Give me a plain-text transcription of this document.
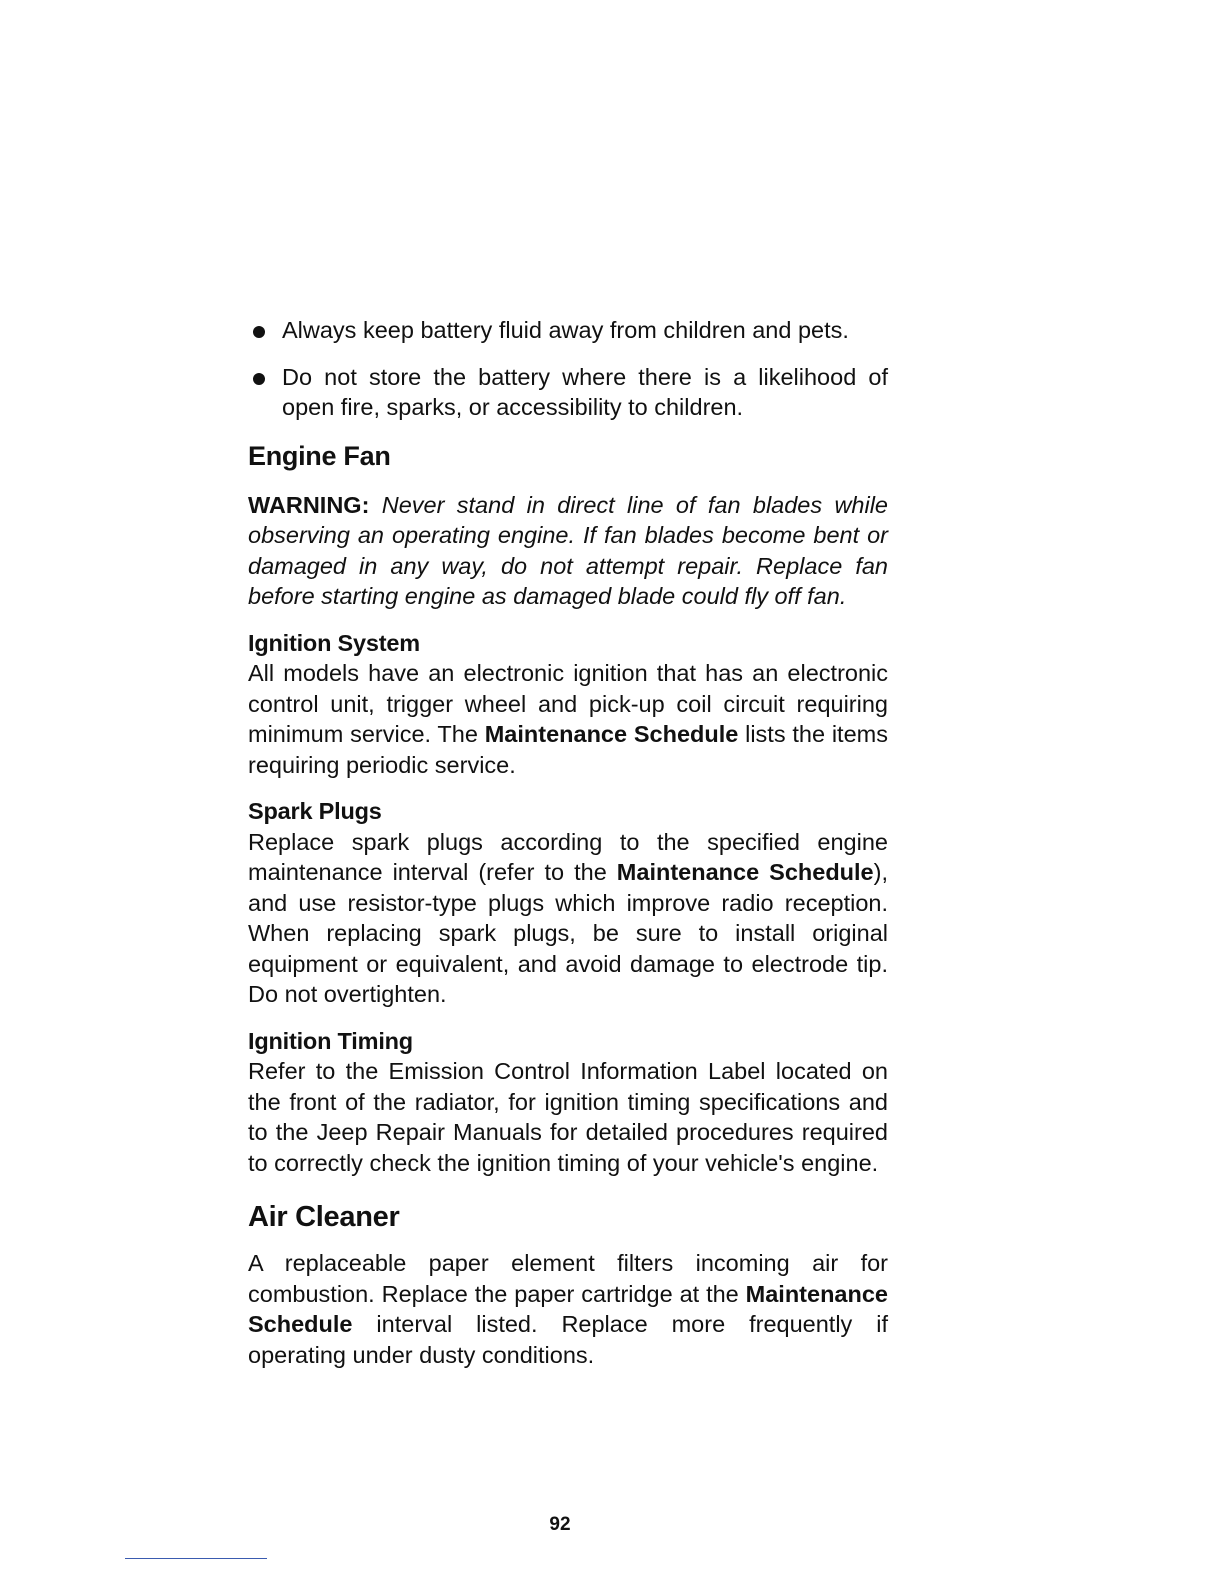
Always keep battery fluid away from children and pets.
Do not store the battery where there is a likelihood of open fire, sparks, or accessibility to children.
Engine Fan

WARNING: Never stand in direct line of fan blades while observing an operating engine. If fan blades become bent or damaged in any way, do not attempt repair. Replace fan before starting engine as damaged blade could fly off fan.

Ignition System

All models have an electronic ignition that has an electronic control unit, trigger wheel and pick-up coil circuit requiring minimum service. The Maintenance Schedule lists the items requiring periodic service.

Spark Plugs

Replace spark plugs according to the specified engine maintenance interval (refer to the Maintenance Schedule), and use resistor-type plugs which improve radio reception. When replacing spark plugs, be sure to install original equipment or equivalent, and avoid damage to electrode tip. Do not overtighten.

Ignition Timing

Refer to the Emission Control Information Label located on the front of the radiator, for ignition timing specifications and to the Jeep Repair Manuals for detailed procedures required to correctly check the ignition timing of your vehicle's engine.

Air Cleaner

A replaceable paper element filters incoming air for combustion. Replace the paper cartridge at the Maintenance Schedule interval listed. Replace more frequently if operating under dusty conditions.

92
